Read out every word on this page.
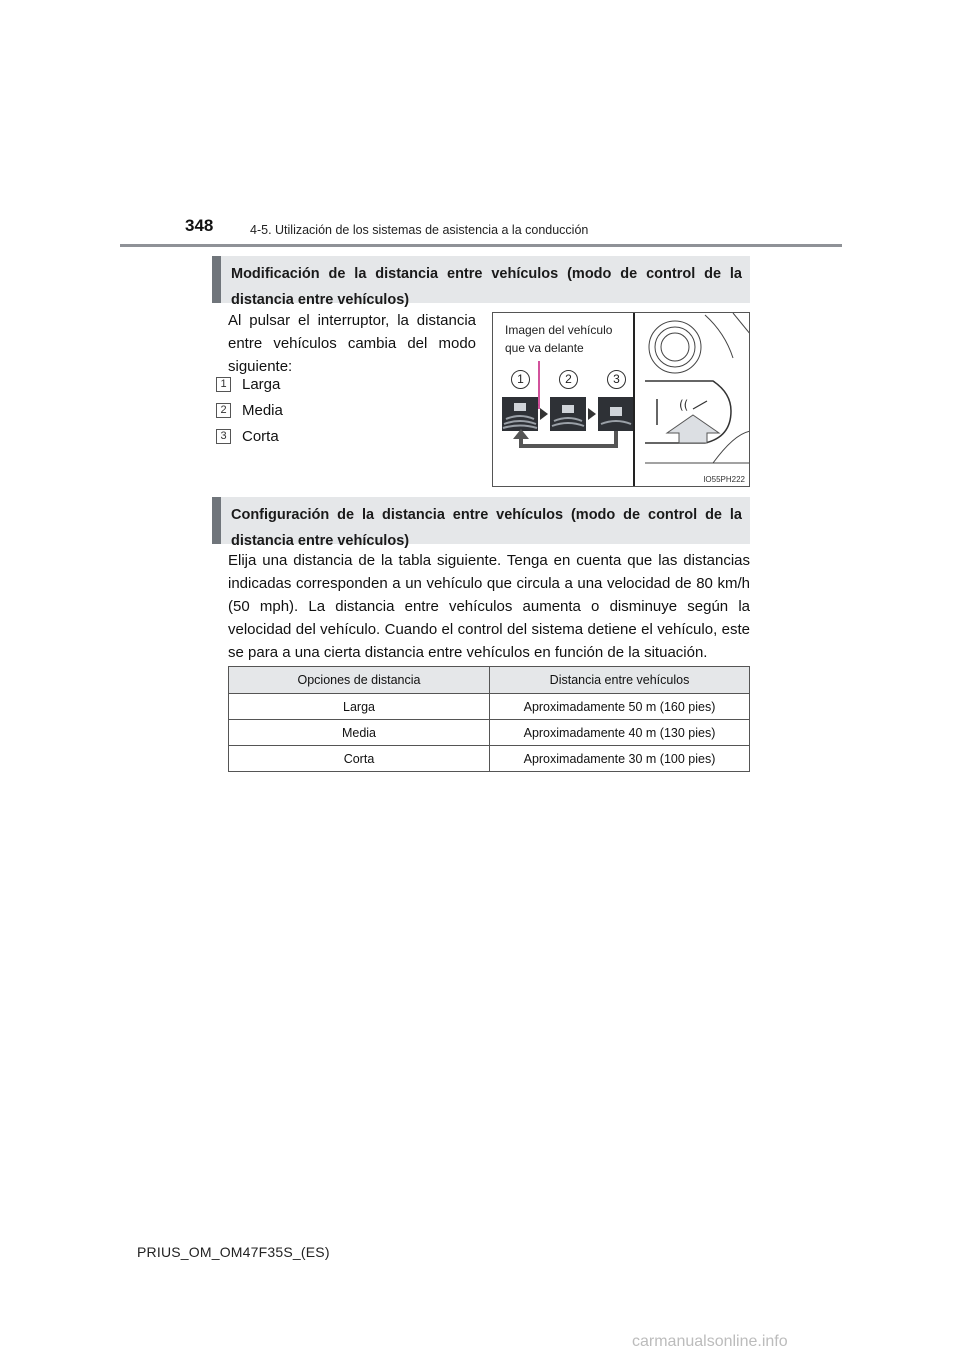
348	4-5. Utilización de los sistemas de asistencia a la conducción
Modificación de la distancia entre vehículos (modo de control de la distancia entre vehículos)
Al pulsar el interruptor, la distancia entre vehículos cambia del modo siguiente:
1 Larga
2 Media
3 Corta
Imagen del vehículo
que va delante
1	2	3
((
IO55PH222
Configuración de la distancia entre vehículos (modo de control de la distancia entre vehículos)
Elija una distancia de la tabla siguiente. Tenga en cuenta que las distancias indicadas corresponden a un vehículo que circula a una velocidad de 80 km/h (50 mph). La distancia entre vehículos aumenta o disminuye según la velocidad del vehículo. Cuando el control del sistema detiene el vehículo, este se para a una cierta distancia entre vehículos en función de la situación.
Opciones de distancia	Distancia entre vehículos
Larga	Aproximadamente 50 m (160 pies)
Media	Aproximadamente 40 m (130 pies)
Corta	Aproximadamente 30 m (100 pies)
PRIUS_OM_OM47F35S_(ES)
carmanualsonline.info
